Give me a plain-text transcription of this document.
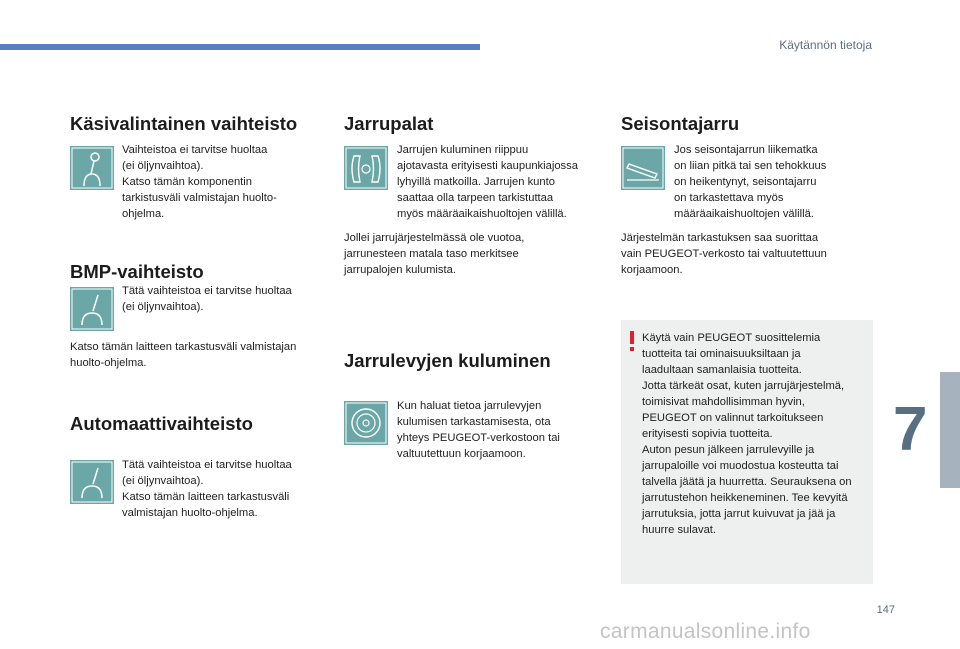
Käytännön tietoja
Käsivalintainen vaihteisto

Vaihteistoa ei tarvitse huoltaa
(ei öljynvaihtoa).
Katso tämän komponentin
tarkistusväli valmistajan huolto-
ohjelma.

BMP-vaihteisto

Tätä vaihteistoa ei tarvitse huoltaa
(ei öljynvaihtoa).

Katso tämän laitteen tarkastusväli valmistajan
huolto-ohjelma.

Automaattivaihteisto

Tätä vaihteistoa ei tarvitse huoltaa
(ei öljynvaihtoa).
Katso tämän laitteen tarkastusväli
valmistajan huolto-ohjelma.

Jarrupalat

Jarrujen kuluminen riippuu
ajotavasta erityisesti kaupunkiajossa
lyhyillä matkoilla. Jarrujen kunto
saattaa olla tarpeen tarkistuttaa
myös määräaikaishuoltojen välillä.

Jollei jarrujärjestelmässä ole vuotoa,
jarrunesteen matala taso merkitsee
jarrupalojen kulumista.

Jarrulevyjen kuluminen

Kun haluat tietoa jarrulevyjen
kulumisen tarkastamisesta, ota
yhteys PEUGEOT-verkostoon tai
valtuutettuun korjaamoon.

Seisontajarru

Jos seisontajarrun liikematka
on liian pitkä tai sen tehokkuus
on heikentynyt, seisontajarru
on tarkastettava myös
määräaikaishuoltojen välillä.

Järjestelmän tarkastuksen saa suorittaa
vain PEUGEOT-verkosto tai valtuutettuun
korjaamoon.

Käytä vain PEUGEOT suosittelemia
tuotteita tai ominaisuuksiltaan ja
laadultaan samanlaisia tuotteita.
Jotta tärkeät osat, kuten jarrujärjestelmä,
toimisivat mahdollisimman hyvin,
PEUGEOT on valinnut tarkoitukseen
erityisesti sopivia tuotteita.
Auton pesun jälkeen jarrulevyille ja
jarrupaloille voi muodostua kosteutta tai
talvella jäätä ja huurretta. Seurauksena on
jarrutustehon heikkeneminen. Tee kevyitä
jarrutuksia, jotta jarrut kuivuvat ja jää ja
huurre sulavat.

7
147
carmanualsonline.info
